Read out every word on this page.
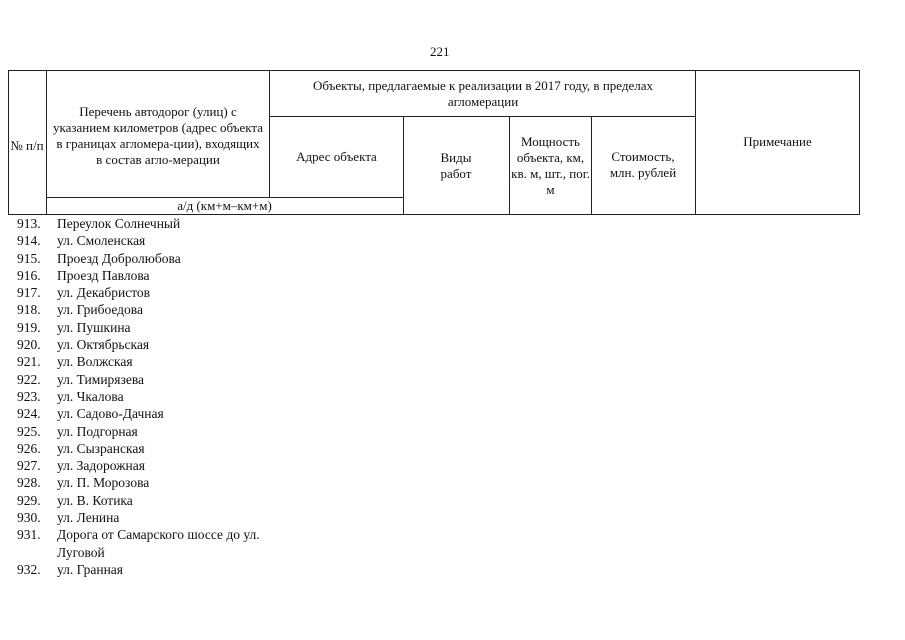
221
№ п/п
Перечень автодорог (улиц) с указанием километров (адрес объекта в границах агломера-ции), входящих в состав агло-мерации
а/д (км+м–км+м)
Объекты, предлагаемые к реализации в 2017 году, в пределах агломерации
Адрес объекта	Виды работ
Мощность объекта, км, кв. м, шт., пог. м
Стоимость, млн. рублей
Примечание
913. Переулок Солнечный
914. ул. Смоленская
915. Проезд Добролюбова
916. Проезд Павлова
917. ул. Декабристов
918. ул. Грибоедова
919. ул. Пушкина
920. ул. Октябрьская
921. ул. Волжская
922. ул. Тимирязева
923. ул. Чкалова
924. ул. Садово-Дачная
925. ул. Подгорная
926. ул. Сызранская
927. ул. Задорожная
928. ул. П. Морозова
929. ул. В. Котика
930. ул. Ленина
931. Дорога от Самарского шоссе до ул. Луговой
932. ул. Гранная
